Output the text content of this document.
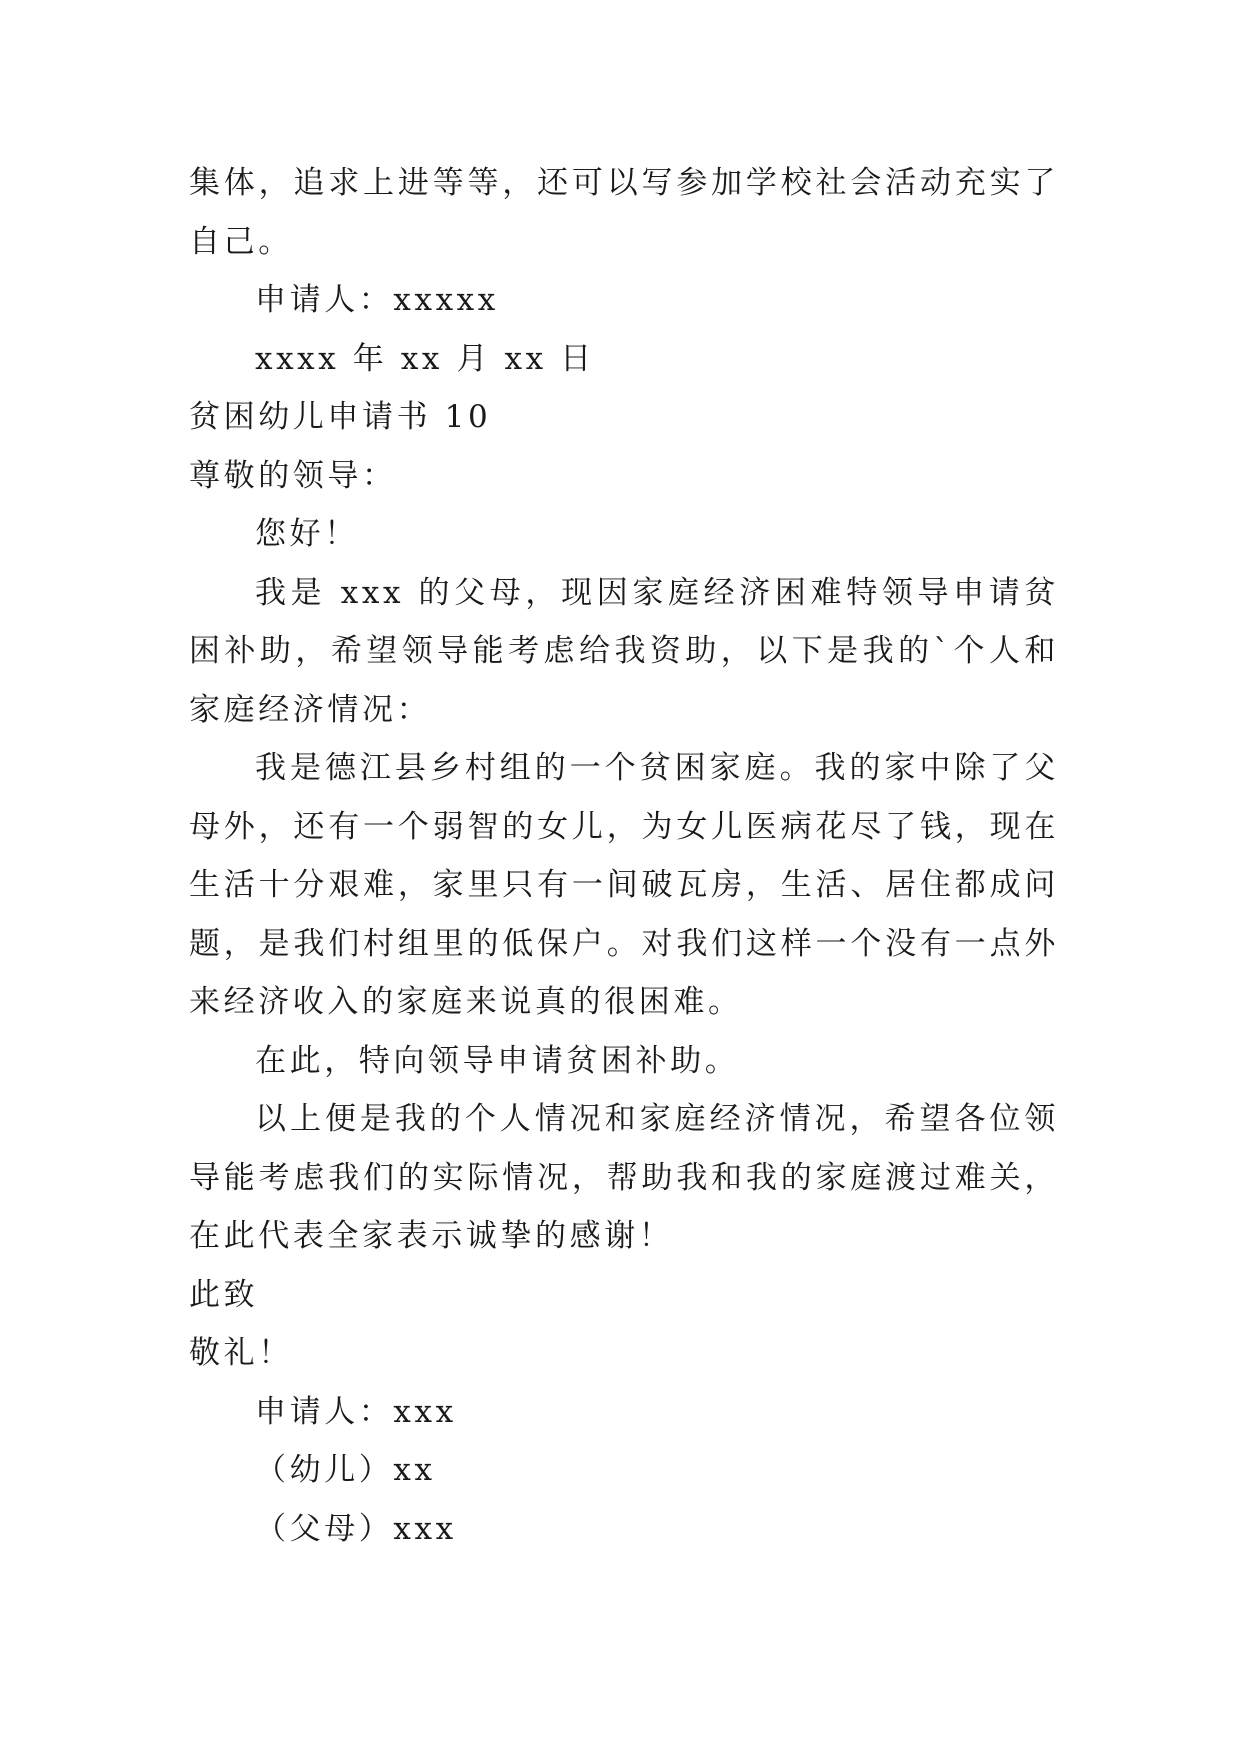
集体，追求上进等等，还可以写参加学校社会活动充实了自己。

申请人：xxxxx

xxxx 年 xx 月 xx 日

贫困幼儿申请书 10

尊敬的领导：

您好！

我是 xxx 的父母，现因家庭经济困难特领导申请贫困补助，希望领导能考虑给我资助，以下是我的`个人和家庭经济情况：

我是德江县乡村组的一个贫困家庭。我的家中除了父母外，还有一个弱智的女儿，为女儿医病花尽了钱，现在生活十分艰难，家里只有一间破瓦房，生活、居住都成问题，是我们村组里的低保户。对我们这样一个没有一点外来经济收入的家庭来说真的很困难。

在此，特向领导申请贫困补助。

以上便是我的个人情况和家庭经济情况，希望各位领导能考虑我们的实际情况，帮助我和我的家庭渡过难关，在此代表全家表示诚挚的感谢！

此致

敬礼！

申请人：xxx

（幼儿）xx

（父母）xxx
